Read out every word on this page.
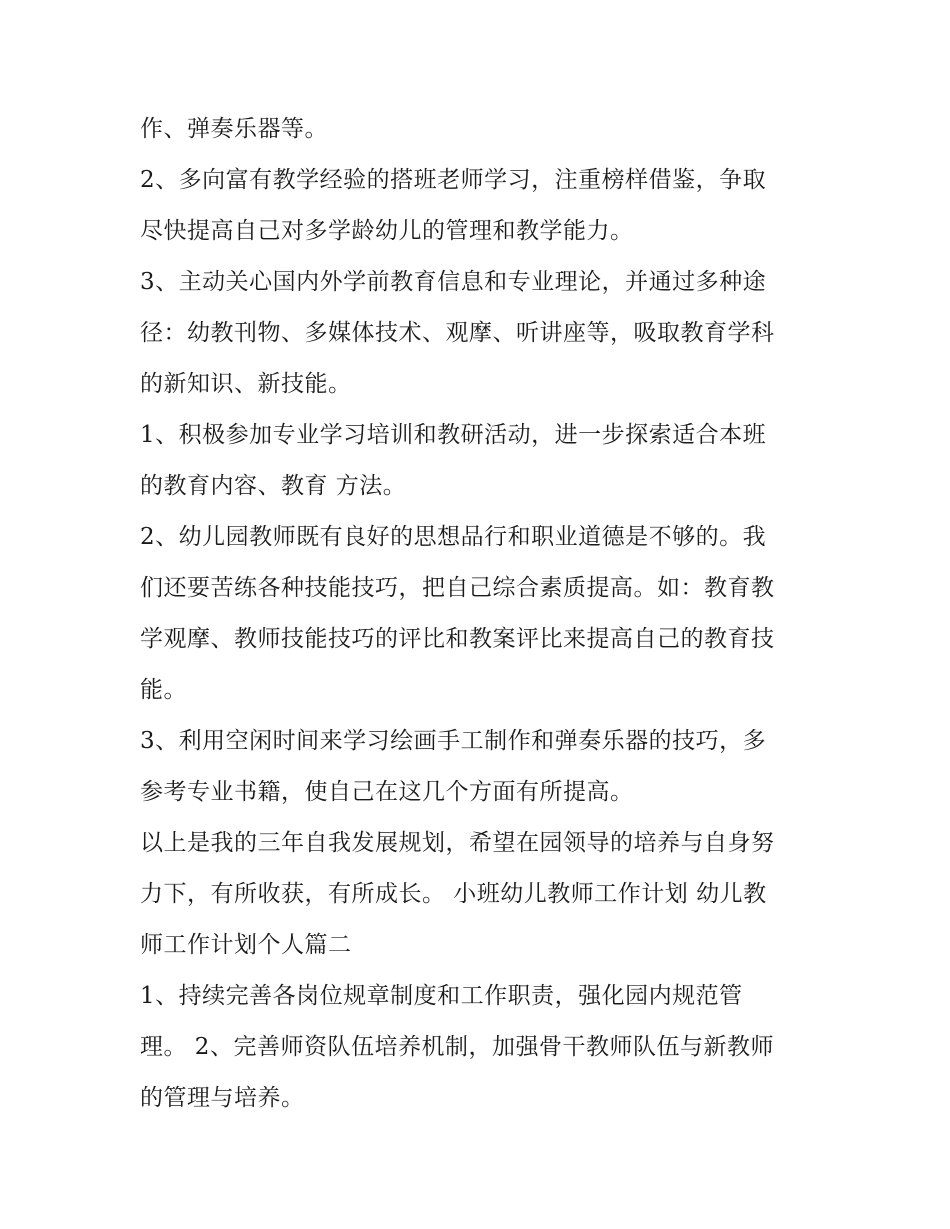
作、弹奏乐器等。
2、多向富有教学经验的搭班老师学习，注重榜样借鉴，争取
尽快提高自己对多学龄幼儿的管理和教学能力。
3、主动关心国内外学前教育信息和专业理论，并通过多种途
径：幼教刊物、多媒体技术、观摩、听讲座等，吸取教育学科
的新知识、新技能。
1、积极参加专业学习培训和教研活动，进一步探索适合本班
的教育内容、教育 方法。
2、幼儿园教师既有良好的思想品行和职业道德是不够的。我
们还要苦练各种技能技巧，把自己综合素质提高。如：教育教
学观摩、教师技能技巧的评比和教案评比来提高自己的教育技
能。
3、利用空闲时间来学习绘画手工制作和弹奏乐器的技巧，多
参考专业书籍，使自己在这几个方面有所提高。
以上是我的三年自我发展规划，希望在园领导的培养与自身努
力下，有所收获，有所成长。 小班幼儿教师工作计划 幼儿教
师工作计划个人篇二
1、持续完善各岗位规章制度和工作职责，强化园内规范管
理。 2、完善师资队伍培养机制，加强骨干教师队伍与新教师
的管理与培养。
